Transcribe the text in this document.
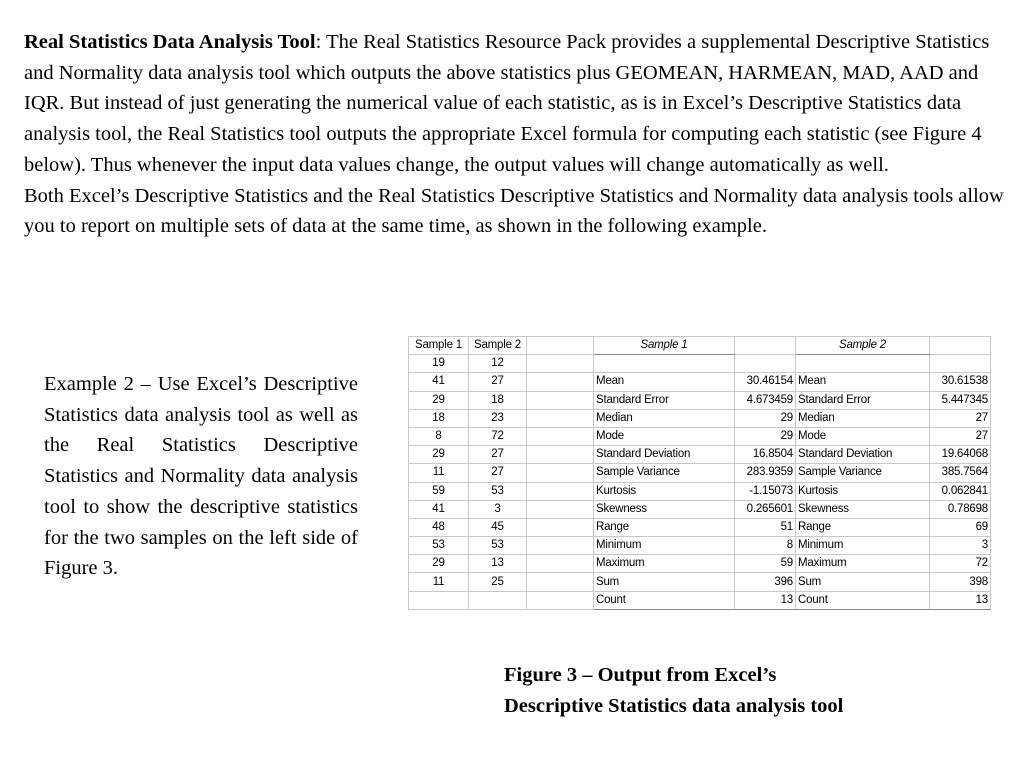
Real Statistics Data Analysis Tool: The Real Statistics Resource Pack provides a supplemental Descriptive Statistics and Normality data analysis tool which outputs the above statistics plus GEOMEAN, HARMEAN, MAD, AAD and IQR. But instead of just generating the numerical value of each statistic, as is in Excel’s Descriptive Statistics data analysis tool, the Real Statistics tool outputs the appropriate Excel formula for computing each statistic (see Figure 4 below). Thus whenever the input data values change, the output values will change automatically as well.

Both Excel’s Descriptive Statistics and the Real Statistics Descriptive Statistics and Normality data analysis tools allow you to report on multiple sets of data at the same time, as shown in the following example.

Example 2 – Use Excel’s Descriptive Statistics data analysis tool as well as the Real Statistics Descriptive Statistics and Normality data analysis tool to show the descriptive statistics for the two samples on the left side of Figure 3.

Sample 1	Sample 2		Sample 1		Sample 2	
19	12					
41	27		Mean	30.46154	Mean	30.61538
29	18		Standard Error	4.673459	Standard Error	5.447345
18	23		Median	29	Median	27
8	72		Mode	29	Mode	27
29	27		Standard Deviation	16.8504	Standard Deviation	19.64068
11	27		Sample Variance	283.9359	Sample Variance	385.7564
59	53		Kurtosis	-1.15073	Kurtosis	0.062841
41	3		Skewness	0.265601	Skewness	0.78698
48	45		Range	51	Range	69
53	53		Minimum	8	Minimum	3
29	13		Maximum	59	Maximum	72
11	25		Sum	396	Sum	398
			Count	13	Count	13
Figure 3 – Output from Excel’s
Descriptive Statistics data analysis tool
